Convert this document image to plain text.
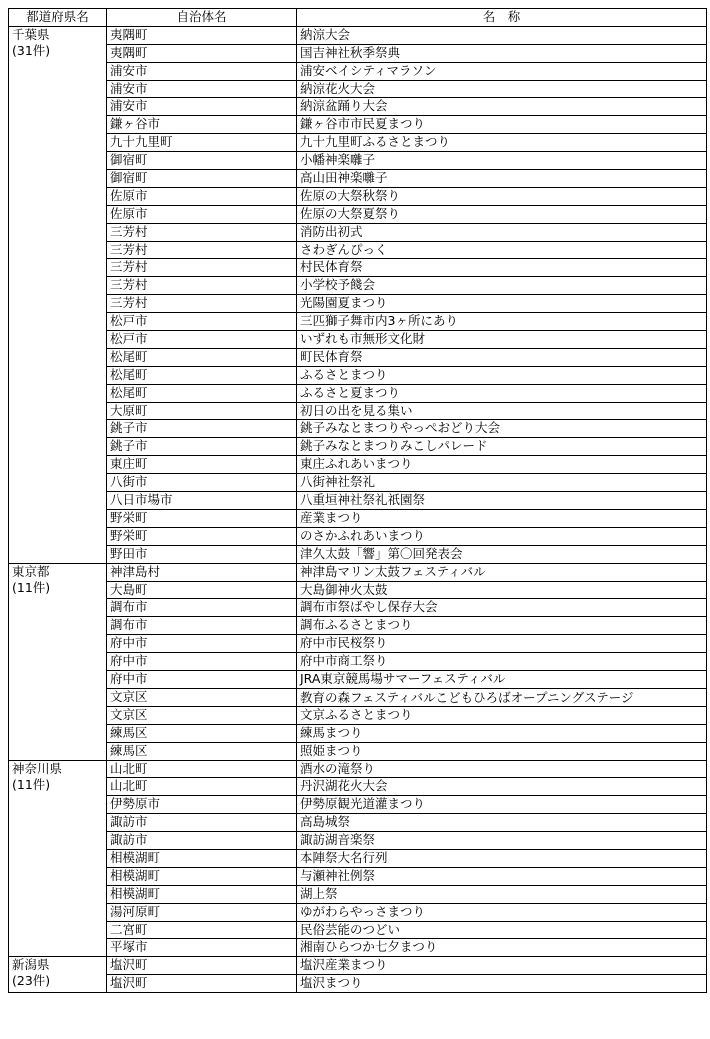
都道府県名	自治体名	名　称

千葉県
(31件)	夷隅町	納涼大会
	夷隅町	国吉神社秋季祭典
	浦安市	浦安ベイシティマラソン
	浦安市	納涼花火大会
	浦安市	納涼盆踊り大会
	鎌ヶ谷市	鎌ヶ谷市市民夏まつり
	九十九里町	九十九里町ふるさとまつり
	御宿町	小幡神楽囃子
	御宿町	高山田神楽囃子
	佐原市	佐原の大祭秋祭り
	佐原市	佐原の大祭夏祭り
	三芳村	消防出初式
	三芳村	さわぎんぴっく
	三芳村	村民体育祭
	三芳村	小学校予餞会
	三芳村	光陽園夏まつり
	松戸市	三匹獅子舞市内3ヶ所にあり
	松戸市	いずれも市無形文化財
	松尾町	町民体育祭
	松尾町	ふるさとまつり
	松尾町	ふるさと夏まつり
	大原町	初日の出を見る集い
	銚子市	銚子みなとまつりやっぺおどり大会
	銚子市	銚子みなとまつりみこしパレード
	東庄町	東庄ふれあいまつり
	八街市	八街神社祭礼
	八日市場市	八重垣神社祭礼祇園祭
	野栄町	産業まつり
	野栄町	のさかふれあいまつり
	野田市	津久太鼓「響」第〇回発表会

東京都
(11件)	神津島村	神津島マリン太鼓フェスティバル
	大島町	大島御神火太鼓
	調布市	調布市祭ばやし保存大会
	調布市	調布ふるさとまつり
	府中市	府中市民桜祭り
	府中市	府中市商工祭り
	府中市	JRA東京競馬場サマーフェスティバル
	文京区	教育の森フェスティバルこどもひろばオープニングステージ
	文京区	文京ふるさとまつり
	練馬区	練馬まつり
	練馬区	照姫まつり

神奈川県
(11件)	山北町	酒水の滝祭り
	山北町	丹沢湖花火大会
	伊勢原市	伊勢原観光道灌まつり
	諏訪市	高島城祭
	諏訪市	諏訪湖音楽祭
	相模湖町	本陣祭大名行列
	相模湖町	与瀬神社例祭
	相模湖町	湖上祭
	湯河原町	ゆがわらやっさまつり
	二宮町	民俗芸能のつどい
	平塚市	湘南ひらつか七夕まつり

新潟県
(23件)	塩沢町	塩沢産業まつり
	塩沢町	塩沢まつり
